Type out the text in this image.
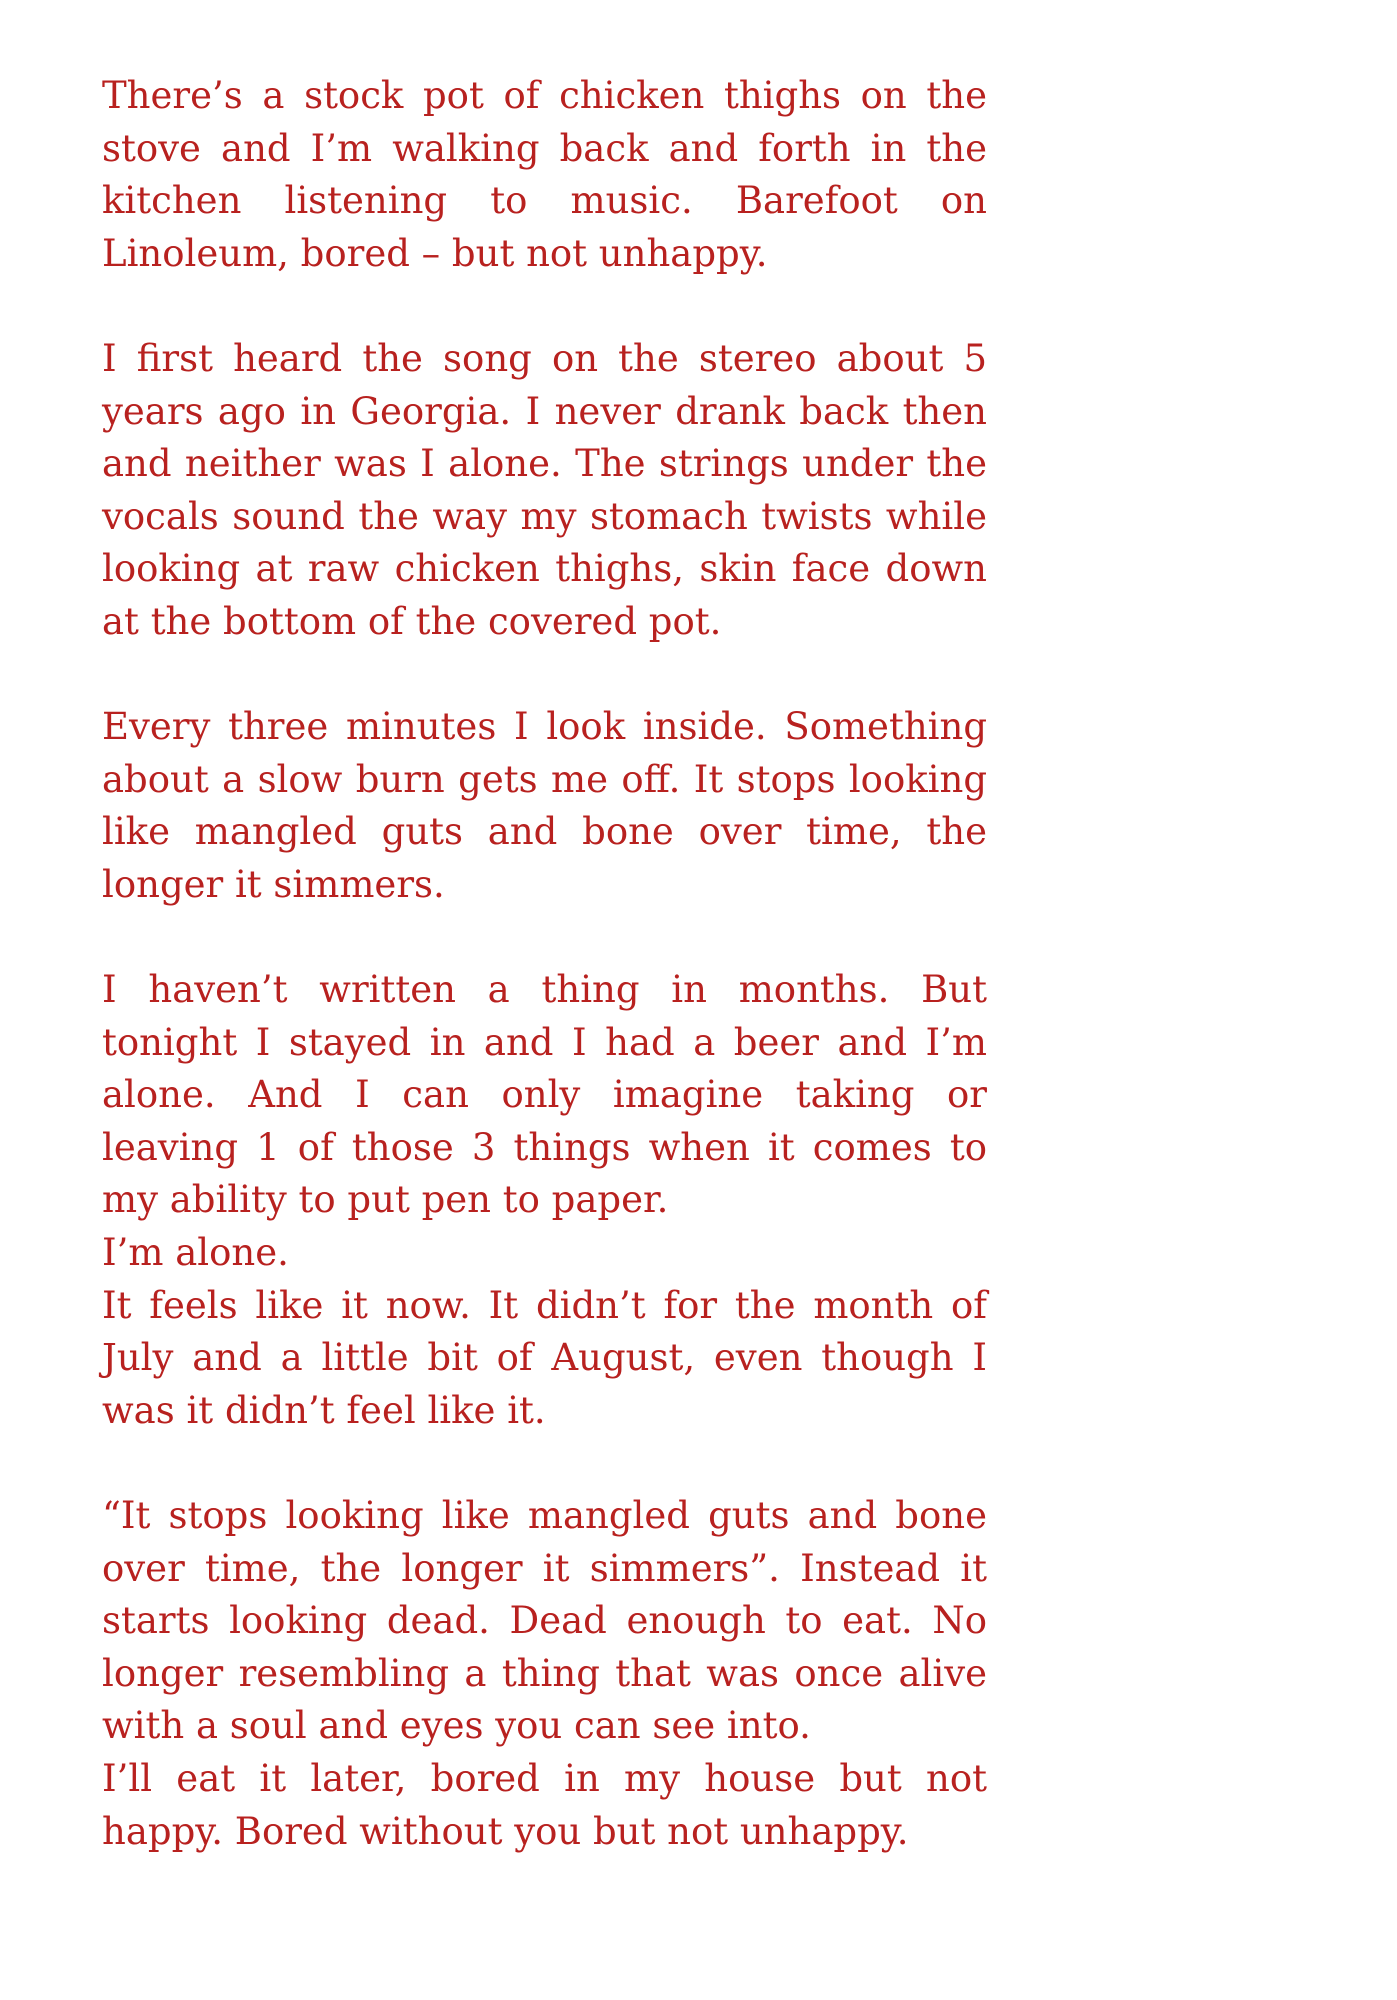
There’s a stock pot of chicken thighs on the stove and I’m walking back and forth in the kitchen listening to music. Barefoot on Linoleum, bored – but not unhappy.

I first heard the song on the stereo about 5 years ago in Georgia. I never drank back then and neither was I alone. The strings under the vocals sound the way my stomach twists while looking at raw chicken thighs, skin face down at the bottom of the covered pot.

Every three minutes I look inside. Something about a slow burn gets me off. It stops looking like mangled guts and bone over time, the longer it simmers.

I haven’t written a thing in months. But tonight I stayed in and I had a beer and I’m alone. And I can only imagine taking or leaving 1 of those 3 things when it comes to my ability to put pen to paper.

I’m alone.

It feels like it now. It didn’t for the month of July and a little bit of August, even though I was it didn’t feel like it.

“It stops looking like mangled guts and bone over time, the longer it simmers”. Instead it starts looking dead. Dead enough to eat. No longer resembling a thing that was once alive with a soul and eyes you can see into.

I’ll eat it later, bored in my house but not happy. Bored without you but not unhappy.
